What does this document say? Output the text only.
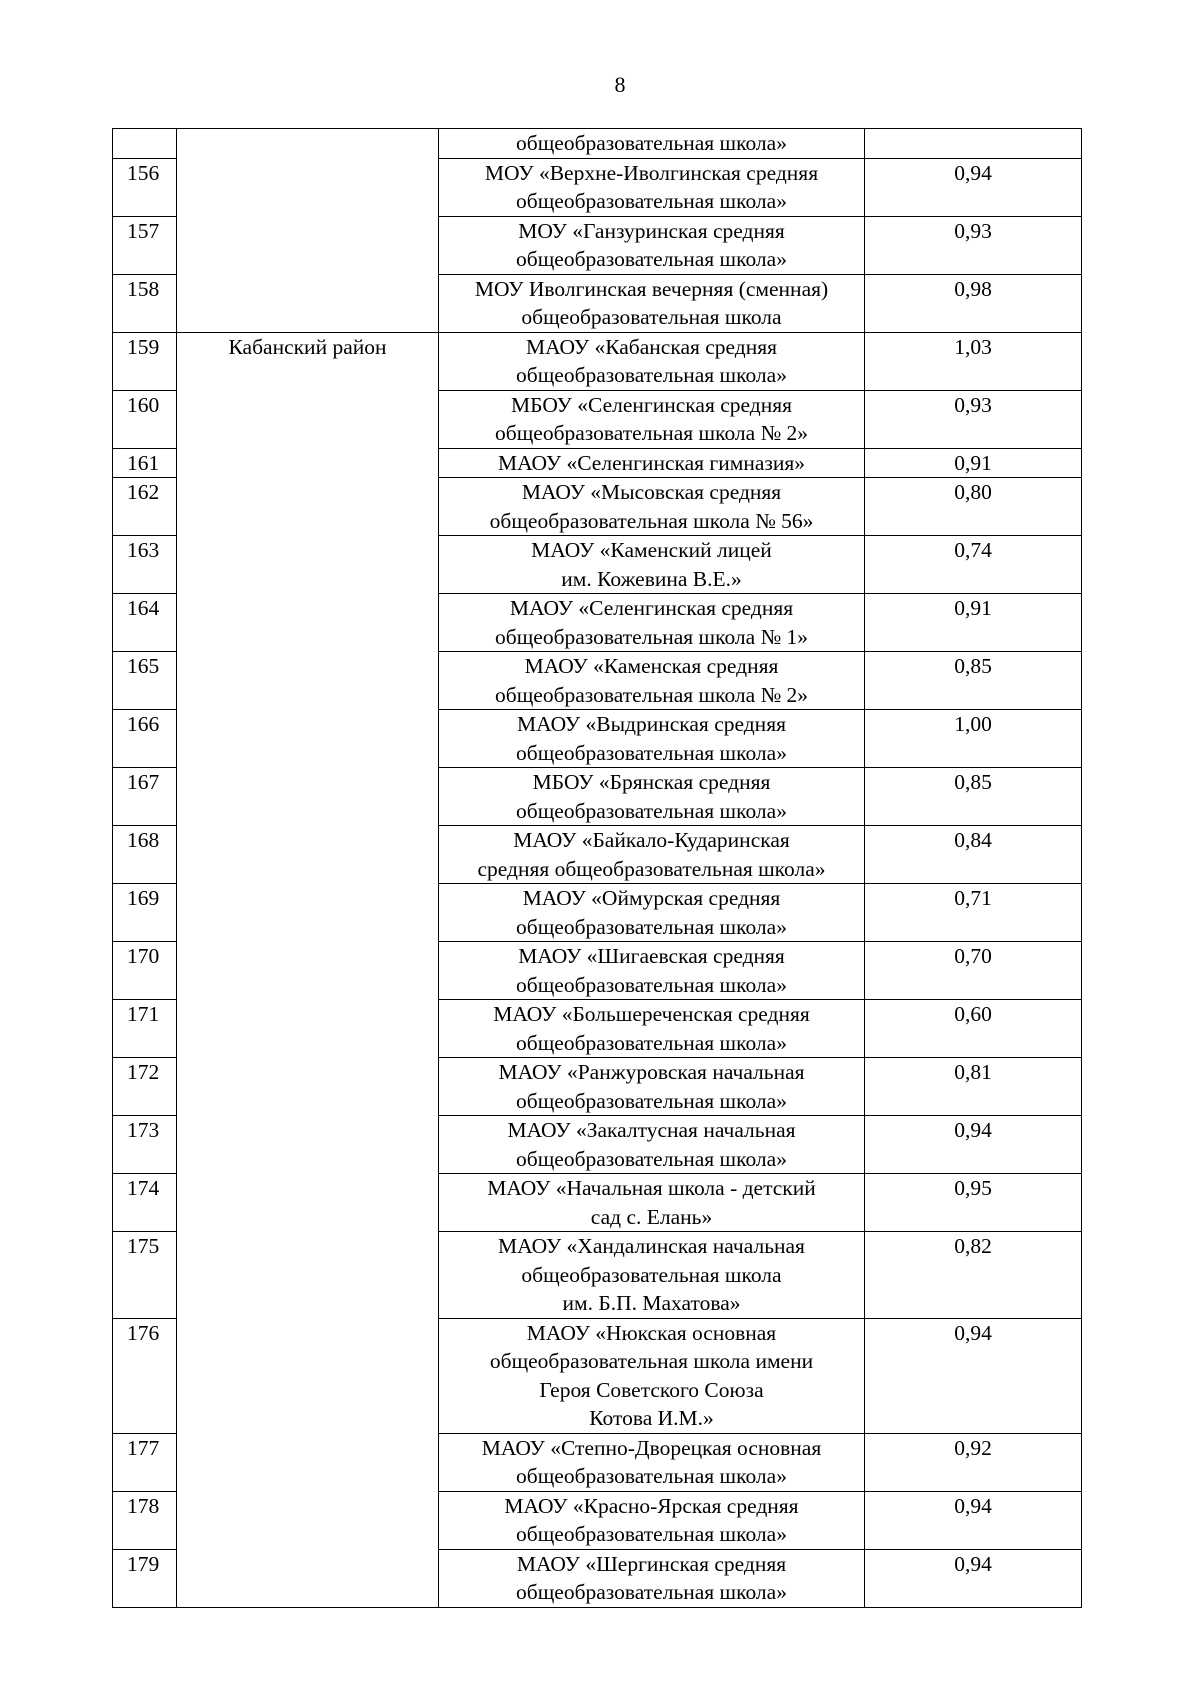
8
		общеобразовательная школа»	
156		МОУ «Верхне-Иволгинская средняя
общеобразовательная школа»	0,94
157		МОУ «Ганзуринская средняя
общеобразовательная школа»	0,93
158		МОУ Иволгинская вечерняя (сменная)
общеобразовательная школа	0,98
159	Кабанский район	МАОУ «Кабанская средняя
общеобразовательная школа»	1,03
160		МБОУ «Селенгинская средняя
общеобразовательная школа № 2»	0,93
161		МАОУ «Селенгинская гимназия»	0,91
162		МАОУ «Мысовская средняя
общеобразовательная школа № 56»	0,80
163		МАОУ «Каменский лицей
им. Кожевина В.Е.»	0,74
164		МАОУ «Селенгинская средняя
общеобразовательная школа № 1»	0,91
165		МАОУ «Каменская средняя
общеобразовательная школа № 2»	0,85
166		МАОУ «Выдринская средняя
общеобразовательная школа»	1,00
167		МБОУ «Брянская средняя
общеобразовательная школа»	0,85
168		МАОУ «Байкало-Кударинская
средняя общеобразовательная школа»	0,84
169		МАОУ «Оймурская средняя
общеобразовательная школа»	0,71
170		МАОУ «Шигаевская средняя
общеобразовательная школа»	0,70
171		МАОУ «Большереченская средняя
общеобразовательная школа»	0,60
172		МАОУ «Ранжуровская начальная
общеобразовательная школа»	0,81
173		МАОУ «Закалтусная начальная
общеобразовательная школа»	0,94
174		МАОУ «Начальная школа - детский
сад с. Елань»	0,95
175		МАОУ «Хандалинская начальная
общеобразовательная школа
им. Б.П. Махатова»	0,82
176		МАОУ «Нюкская основная
общеобразовательная школа имени
Героя Советского Союза
Котова И.М.»	0,94
177		МАОУ «Степно-Дворецкая основная
общеобразовательная школа»	0,92
178		МАОУ «Красно-Ярская средняя
общеобразовательная школа»	0,94
179		МАОУ «Шергинская средняя
общеобразовательная школа»	0,94
